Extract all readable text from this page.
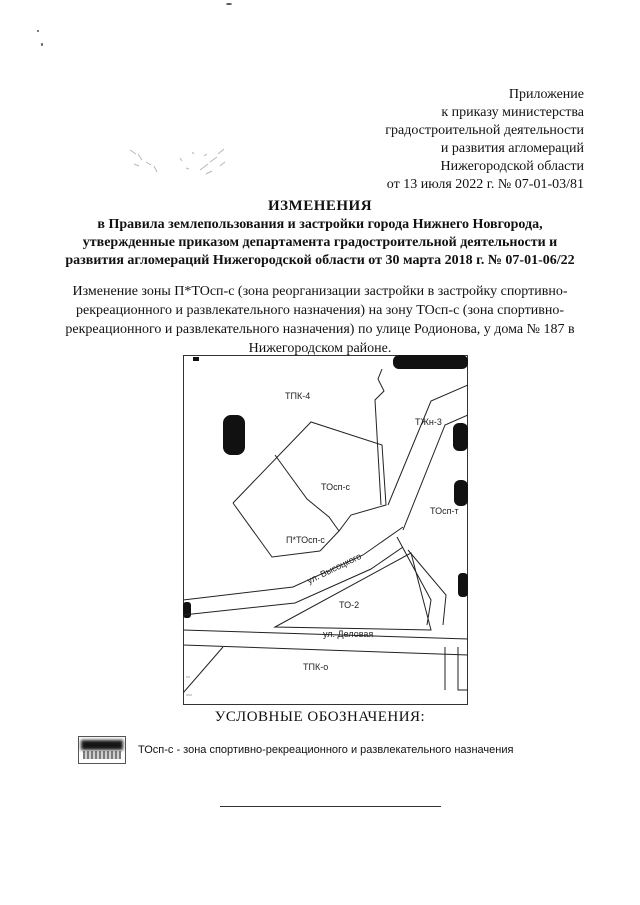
Приложение
к приказу министерства
градостроительной деятельности
и развития агломераций
Нижегородской области
от 13 июля 2022 г. № 07-01-03/81
ИЗМЕНЕНИЯ
в Правила землепользования и застройки города Нижнего Новгорода,
утвержденные приказом департамента градостроительной деятельности и
развития агломераций Нижегородской области от 30 марта 2018 г. № 07-01-06/22
Изменение зоны П*ТОсп-с (зона реорганизации застройки в застройку спортивно-
рекреационного и развлекательного назначения) на зону ТОсп-с (зона спортивно-
рекреационного и развлекательного назначения) по улице Родионова, у дома № 187 в
Нижегородском районе.
ТПК-4
ТЖн-3
ТОсп-с
ТОсп-т
П*ТОсп-с
ТО-2
ТПК-о
ул. Высоцкого
ул. Деловая
УСЛОВНЫЕ ОБОЗНАЧЕНИЯ:
ТОсп-с - зона спортивно-рекреационного и развлекательного назначения
